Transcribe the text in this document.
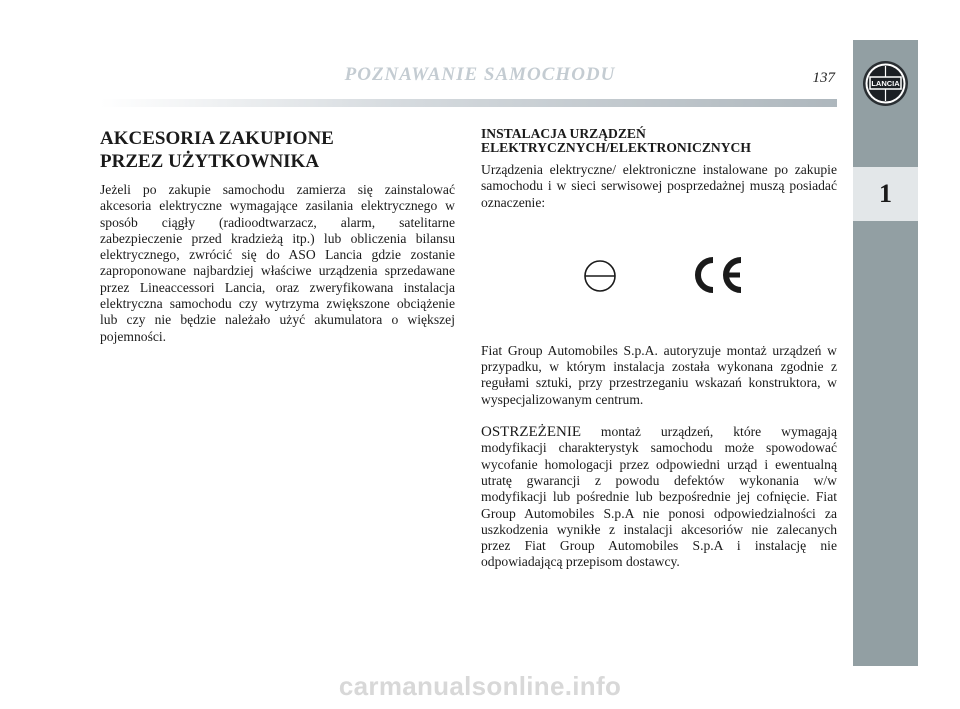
POZNAWANIE SAMOCHODU	137	LANCIA
1
AKCESORIA ZAKUPIONE
PRZEZ UŻYTKOWNIKA

Jeżeli po zakupie samochodu zamierza się zainstalować akcesoria elektryczne wymagające zasilania elektrycznego w sposób ciągły (radioodtwarzacz, alarm, satelitarne zabezpieczenie przed kradzieżą itp.) lub obliczenia bilansu elektrycznego, zwrócić się do ASO Lancia gdzie zostanie zaproponowane najbardziej właściwe urządzenia sprzedawane przez Lineaccessori Lancia, oraz zweryfikowana instalacja elektryczna samochodu czy wytrzyma zwiększone obciążenie lub czy nie będzie należało użyć akumulatora o większej pojemności.

INSTALACJA URZĄDZEŃ
ELEKTRYCZNYCH/ELEKTRONICZNYCH

Urządzenia elektryczne/ elektroniczne instalowane po zakupie samochodu i w sieci serwisowej posprzedażnej muszą posiadać oznaczenie:

Fiat Group Automobiles S.p.A. autoryzuje montaż urządzeń w przypadku, w którym instalacja została wykonana zgodnie z regułami sztuki, przy przestrzeganiu wskazań konstruktora, w wyspecjalizowanym centrum.

OSTRZEŻENIE montaż urządzeń, które wymagają modyfikacji charakterystyk samochodu może spowodować wycofanie homologacji przez odpowiedni urząd i ewentualną utratę gwarancji z powodu defektów wykonania w/w modyfikacji lub pośrednie lub bezpośrednie jej cofnięcie. Fiat Group Automobiles S.p.A nie ponosi odpowiedzialności za uszkodzenia wynikłe z instalacji akcesoriów nie zalecanych przez Fiat Group Automobiles S.p.A i instalację nie odpowiadającą przepisom dostawcy.

carmanualsonline.info
